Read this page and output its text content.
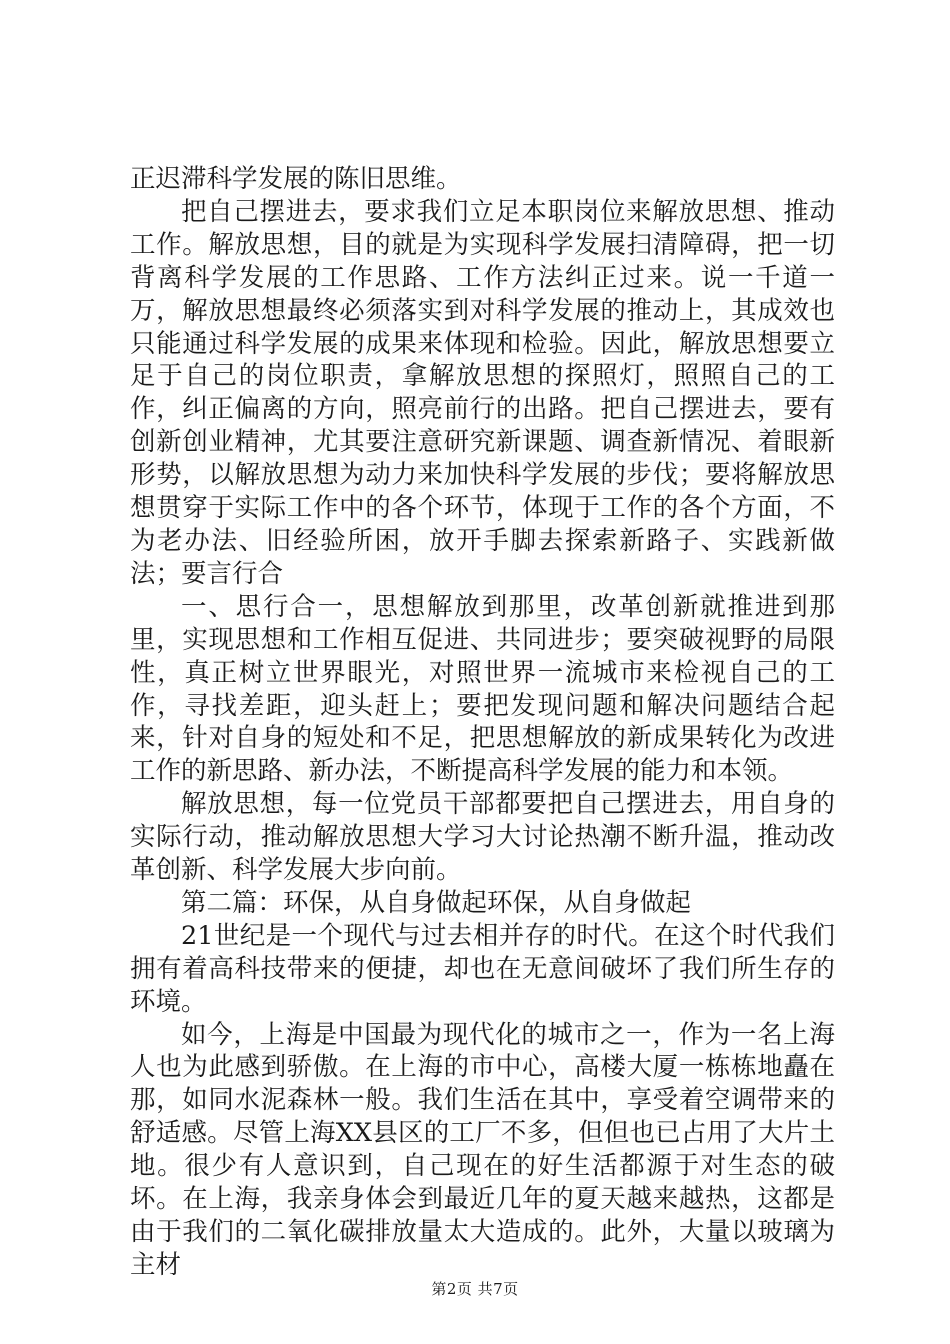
正迟滞科学发展的陈旧思维。

把自己摆进去，要求我们立足本职岗位来解放思想、推动工作。解放思想，目的就是为实现科学发展扫清障碍，把一切背离科学发展的工作思路、工作方法纠正过来。说一千道一万，解放思想最终必须落实到对科学发展的推动上，其成效也只能通过科学发展的成果来体现和检验。因此，解放思想要立足于自己的岗位职责，拿解放思想的探照灯，照照自己的工作，纠正偏离的方向，照亮前行的出路。把自己摆进去，要有创新创业精神，尤其要注意研究新课题、调查新情况、着眼新形势，以解放思想为动力来加快科学发展的步伐；要将解放思想贯穿于实际工作中的各个环节，体现于工作的各个方面，不为老办法、旧经验所困，放开手脚去探索新路子、实践新做法；要言行合

一、思行合一，思想解放到那里，改革创新就推进到那里，实现思想和工作相互促进、共同进步；要突破视野的局限性，真正树立世界眼光，对照世界一流城市来检视自己的工作，寻找差距，迎头赶上；要把发现问题和解决问题结合起来，针对自身的短处和不足，把思想解放的新成果转化为改进工作的新思路、新办法，不断提高科学发展的能力和本领。

解放思想，每一位党员干部都要把自己摆进去，用自身的实际行动，推动解放思想大学习大讨论热潮不断升温，推动改革创新、科学发展大步向前。

第二篇：环保，从自身做起环保，从自身做起

21世纪是一个现代与过去相并存的时代。在这个时代我们拥有着高科技带来的便捷，却也在无意间破坏了我们所生存的环境。

如今，上海是中国最为现代化的城市之一，作为一名上海人也为此感到骄傲。在上海的市中心，高楼大厦一栋栋地矗在那，如同水泥森林一般。我们生活在其中，享受着空调带来的舒适感。尽管上海XX县区的工厂不多，但但也已占用了大片土地。很少有人意识到，自己现在的好生活都源于对生态的破坏。在上海，我亲身体会到最近几年的夏天越来越热，这都是由于我们的二氧化碳排放量太大造成的。此外，大量以玻璃为主材

第2页 共7页
